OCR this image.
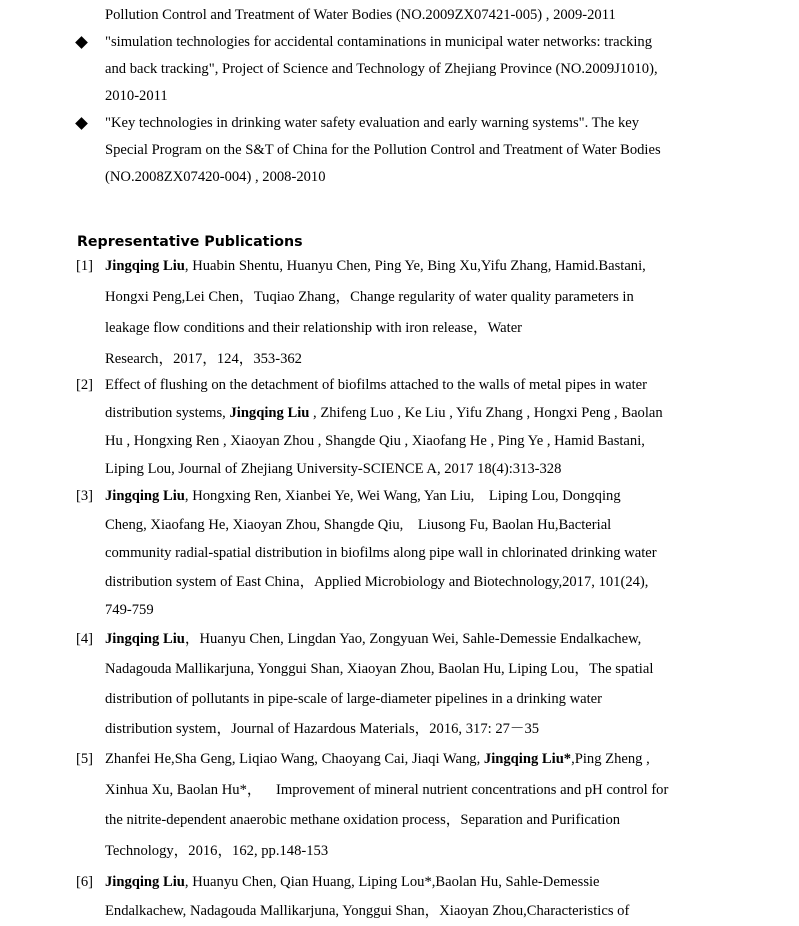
Pollution Control and Treatment of Water Bodies (NO.2009ZX07421-005) , 2009-2011
"simulation technologies for accidental contaminations in municipal water networks: tracking
and back tracking", Project of Science and Technology of Zhejiang Province (NO.2009J1010),
2010-2011
"Key technologies in drinking water safety evaluation and early warning systems". The key
Special Program on the S&T of China for the Pollution Control and Treatment of Water Bodies
(NO.2008ZX07420-004) , 2008-2010
Representative Publications
[1] Jingqing Liu, Huabin Shentu, Huanyu Chen, Ping Ye, Bing Xu,Yifu Zhang, Hamid.Bastani,
Hongxi Peng,Lei Chen，Tuqiao Zhang，Change regularity of water quality parameters in
leakage flow conditions and their relationship with iron release，Water
Research，2017，124，353-362
[2] Effect of flushing on the detachment of biofilms attached to the walls of metal pipes in water
distribution systems, Jingqing Liu , Zhifeng Luo , Ke Liu , Yifu Zhang , Hongxi Peng , Baolan
Hu , Hongxing Ren , Xiaoyan Zhou , Shangde Qiu , Xiaofang He , Ping Ye , Hamid Bastani,
Liping Lou, Journal of Zhejiang University-SCIENCE A, 2017 18(4):313-328
[3] Jingqing Liu, Hongxing Ren, Xianbei Ye, Wei Wang, Yan Liu,    Liping Lou, Dongqing
Cheng, Xiaofang He, Xiaoyan Zhou, Shangde Qiu,    Liusong Fu, Baolan Hu,Bacterial
community radial-spatial distribution in biofilms along pipe wall in chlorinated drinking water
distribution system of East China，Applied Microbiology and Biotechnology,2017, 101(24),
749-759
[4] Jingqing Liu，Huanyu Chen, Lingdan Yao, Zongyuan Wei, Sahle-Demessie Endalkachew,
Nadagouda Mallikarjuna, Yonggui Shan, Xiaoyan Zhou, Baolan Hu, Liping Lou，The spatial
distribution of pollutants in pipe-scale of large-diameter pipelines in a drinking water
distribution system，Journal of Hazardous Materials，2016, 317: 27－35
[5] Zhanfei He,Sha Geng, Liqiao Wang, Chaoyang Cai, Jiaqi Wang, Jingqing Liu*,Ping Zheng ,
Xinhua Xu, Baolan Hu*，    Improvement of mineral nutrient concentrations and pH control for
the nitrite-dependent anaerobic methane oxidation process，Separation and Purification
Technology，2016，162, pp.148-153
[6] Jingqing Liu, Huanyu Chen, Qian Huang, Liping Lou*,Baolan Hu, Sahle-Demessie
Endalkachew, Nadagouda Mallikarjuna, Yonggui Shan，Xiaoyan Zhou,Characteristics of
